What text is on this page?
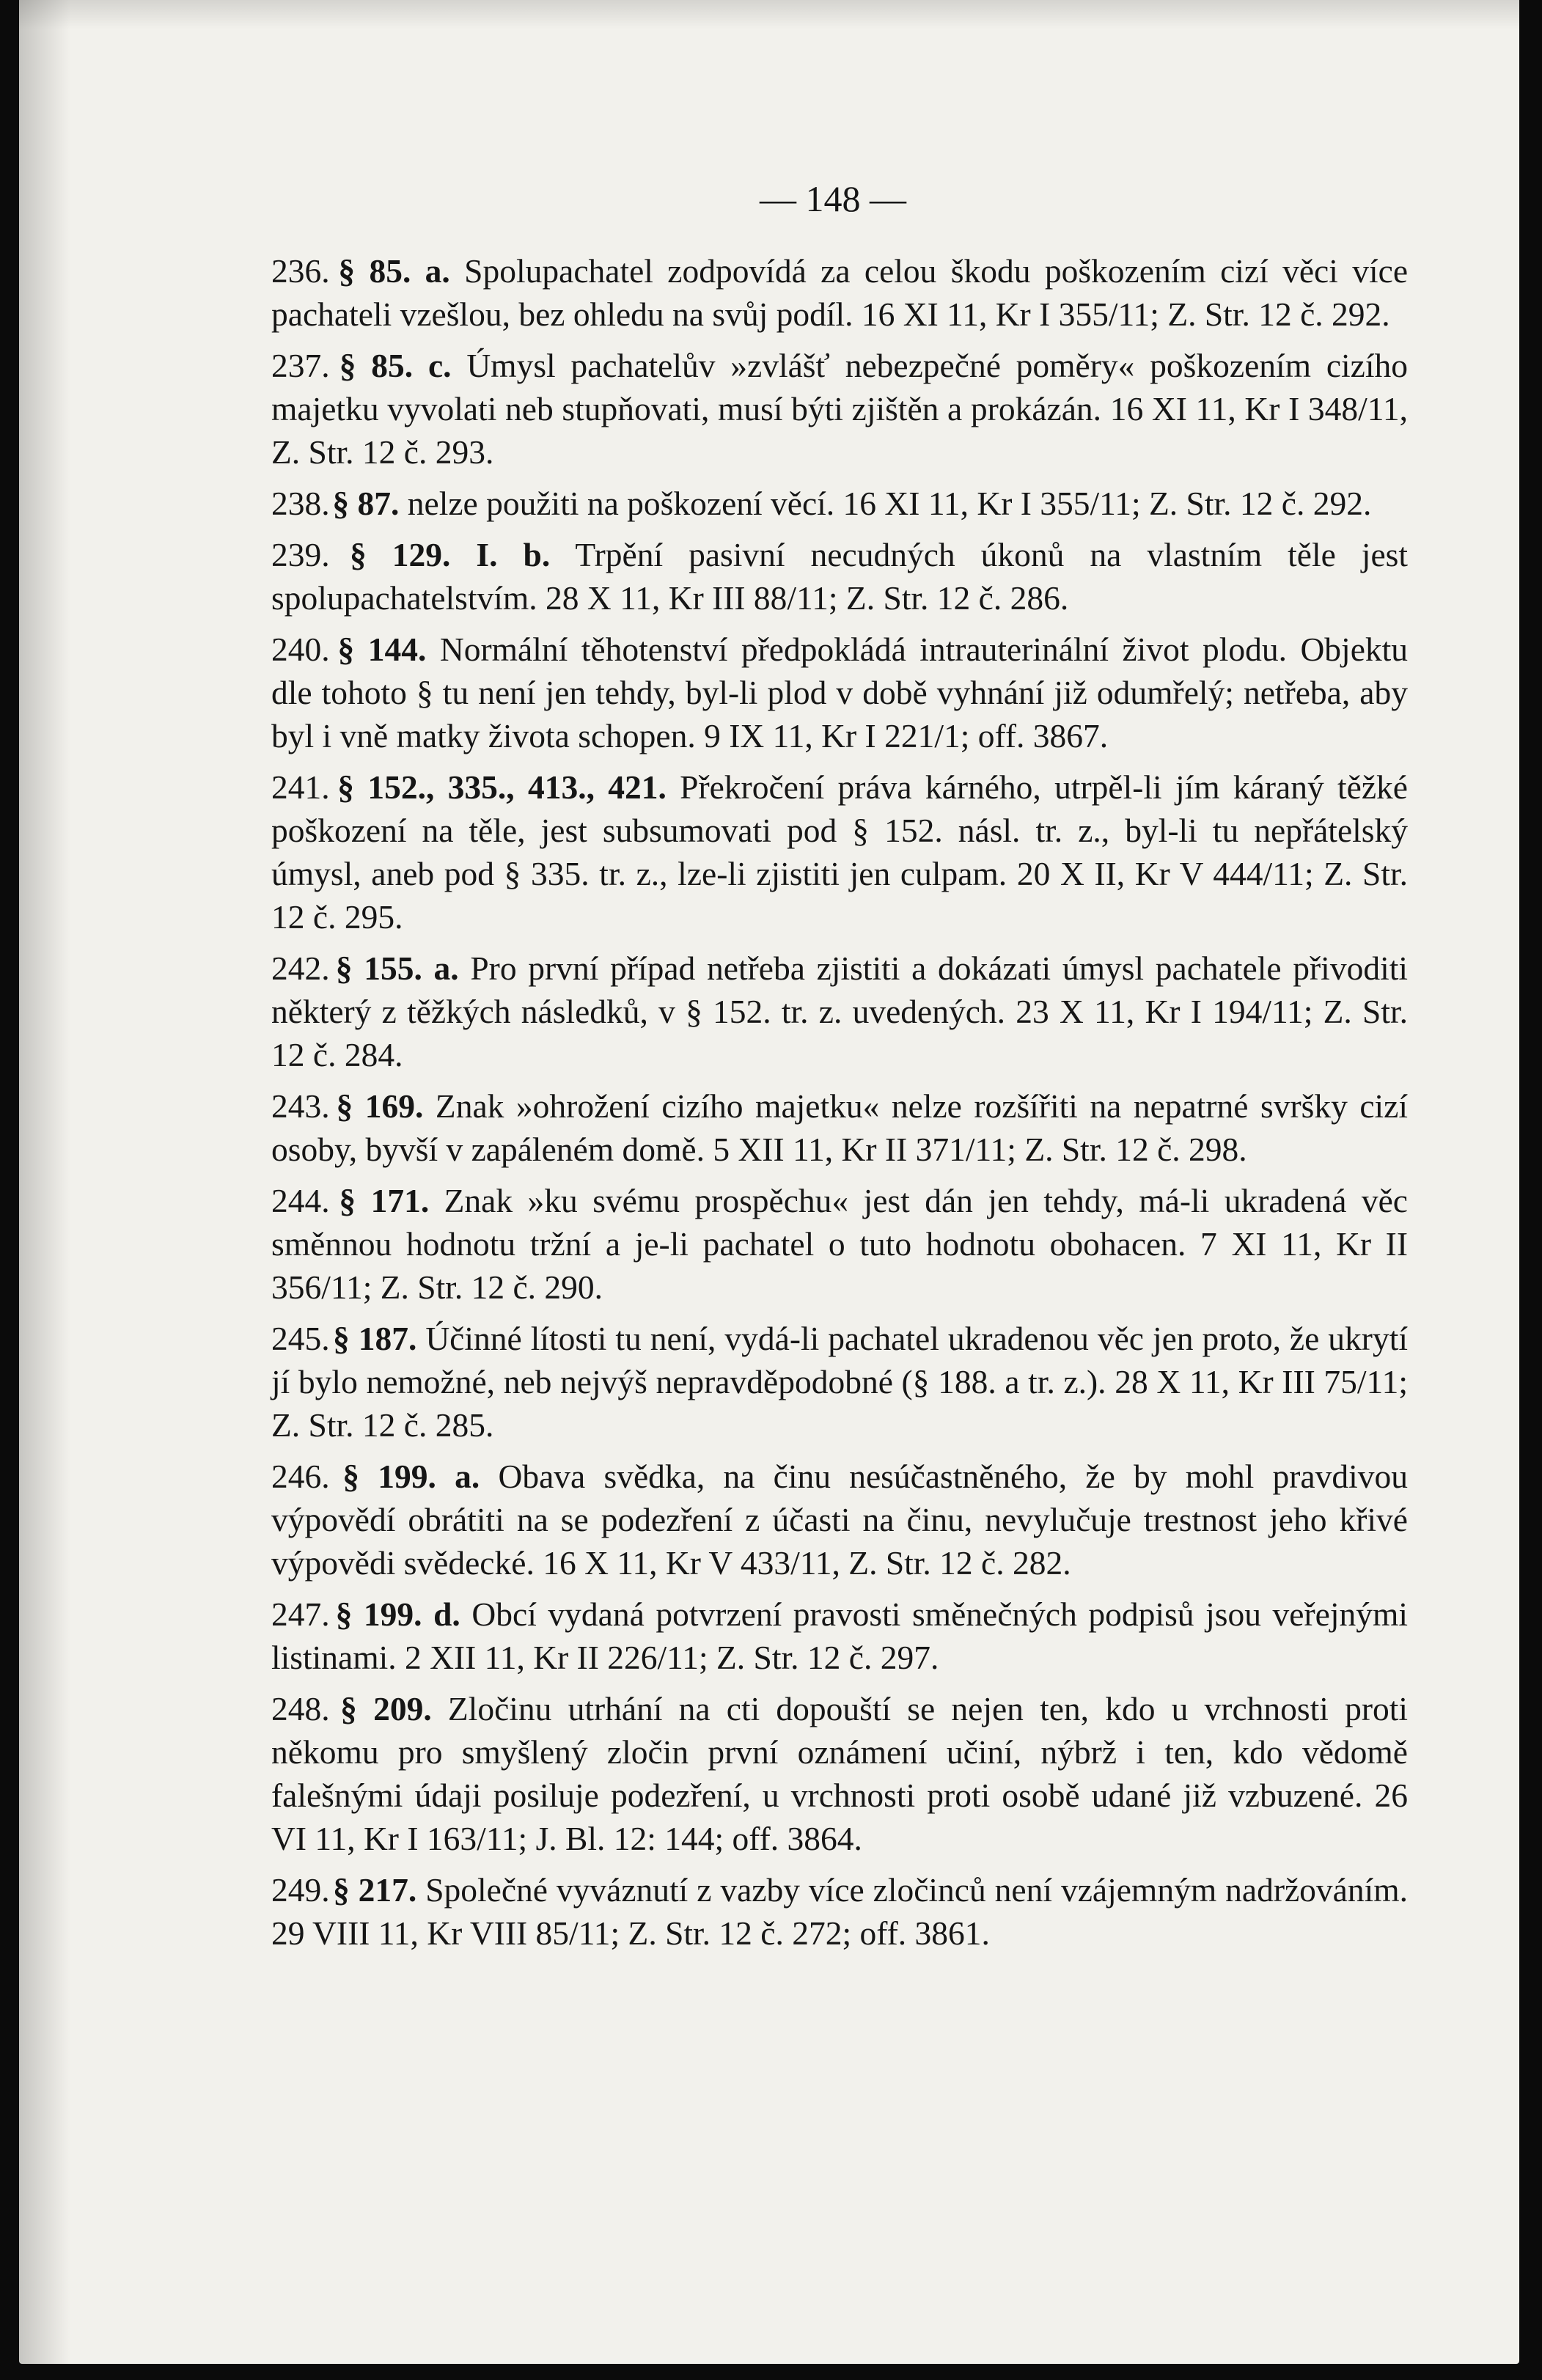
— 148 —

236. § 85. a. Spolupachatel zodpovídá za celou škodu poškozením cizí věci více pachateli vzešlou, bez ohledu na svůj podíl. 16 XI 11, Kr I 355/11; Z. Str. 12 č. 292.

237. § 85. c. Úmysl pachatelův »zvlášť nebezpečné poměry« poškozením cizího majetku vyvolati neb stupňovati, musí býti zjištěn a prokázán. 16 XI 11, Kr I 348/11, Z. Str. 12 č. 293.

238. § 87. nelze použiti na poškození věcí. 16 XI 11, Kr I 355/11; Z. Str. 12 č. 292.

239. § 129. I. b. Trpění pasivní necudných úkonů na vlastním těle jest spolupachatelstvím. 28 X 11, Kr III 88/11; Z. Str. 12 č. 286.

240. § 144. Normální těhotenství předpokládá intrauterinální život plodu. Objektu dle tohoto § tu není jen tehdy, byl-li plod v době vyhnání již odumřelý; netřeba, aby byl i vně matky života schopen. 9 IX 11, Kr I 221/1; off. 3867.

241. § 152., 335., 413., 421. Překročení práva kárného, utrpěl-li jím káraný těžké poškození na těle, jest subsumovati pod § 152. násl. tr. z., byl-li tu nepřátelský úmysl, aneb pod § 335. tr. z., lze-li zjistiti jen culpam. 20 X II, Kr V 444/11; Z. Str. 12 č. 295.

242. § 155. a. Pro první případ netřeba zjistiti a dokázati úmysl pachatele přivoditi některý z těžkých následků, v § 152. tr. z. uvedených. 23 X 11, Kr I 194/11; Z. Str. 12 č. 284.

243. § 169. Znak »ohrožení cizího majetku« nelze rozšířiti na nepatrné svršky cizí osoby, byvší v zapáleném domě. 5 XII 11, Kr II 371/11; Z. Str. 12 č. 298.

244. § 171. Znak »ku svému prospěchu« jest dán jen tehdy, má-li ukradená věc směnnou hodnotu tržní a je-li pachatel o tuto hodnotu obohacen. 7 XI 11, Kr II 356/11; Z. Str. 12 č. 290.

245. § 187. Účinné lítosti tu není, vydá-li pachatel ukradenou věc jen proto, že ukrytí jí bylo nemožné, neb nejvýš nepravděpodobné (§ 188. a tr. z.). 28 X 11, Kr III 75/11; Z. Str. 12 č. 285.

246. § 199. a. Obava svědka, na činu nesúčastněného, že by mohl pravdivou výpovědí obrátiti na se podezření z účasti na činu, nevylučuje trestnost jeho křivé výpovědi svědecké. 16 X 11, Kr V 433/11, Z. Str. 12 č. 282.

247. § 199. d. Obcí vydaná potvrzení pravosti směnečných podpisů jsou veřejnými listinami. 2 XII 11, Kr II 226/11; Z. Str. 12 č. 297.

248. § 209. Zločinu utrhání na cti dopouští se nejen ten, kdo u vrchnosti proti někomu pro smyšlený zločin první oznámení učiní, nýbrž i ten, kdo vědomě falešnými údaji posiluje podezření, u vrchnosti proti osobě udané již vzbuzené. 26 VI 11, Kr I 163/11; J. Bl. 12: 144; off. 3864.

249. § 217. Společné vyváznutí z vazby více zločinců není vzájemným nadržováním. 29 VIII 11, Kr VIII 85/11; Z. Str. 12 č. 272; off. 3861.
